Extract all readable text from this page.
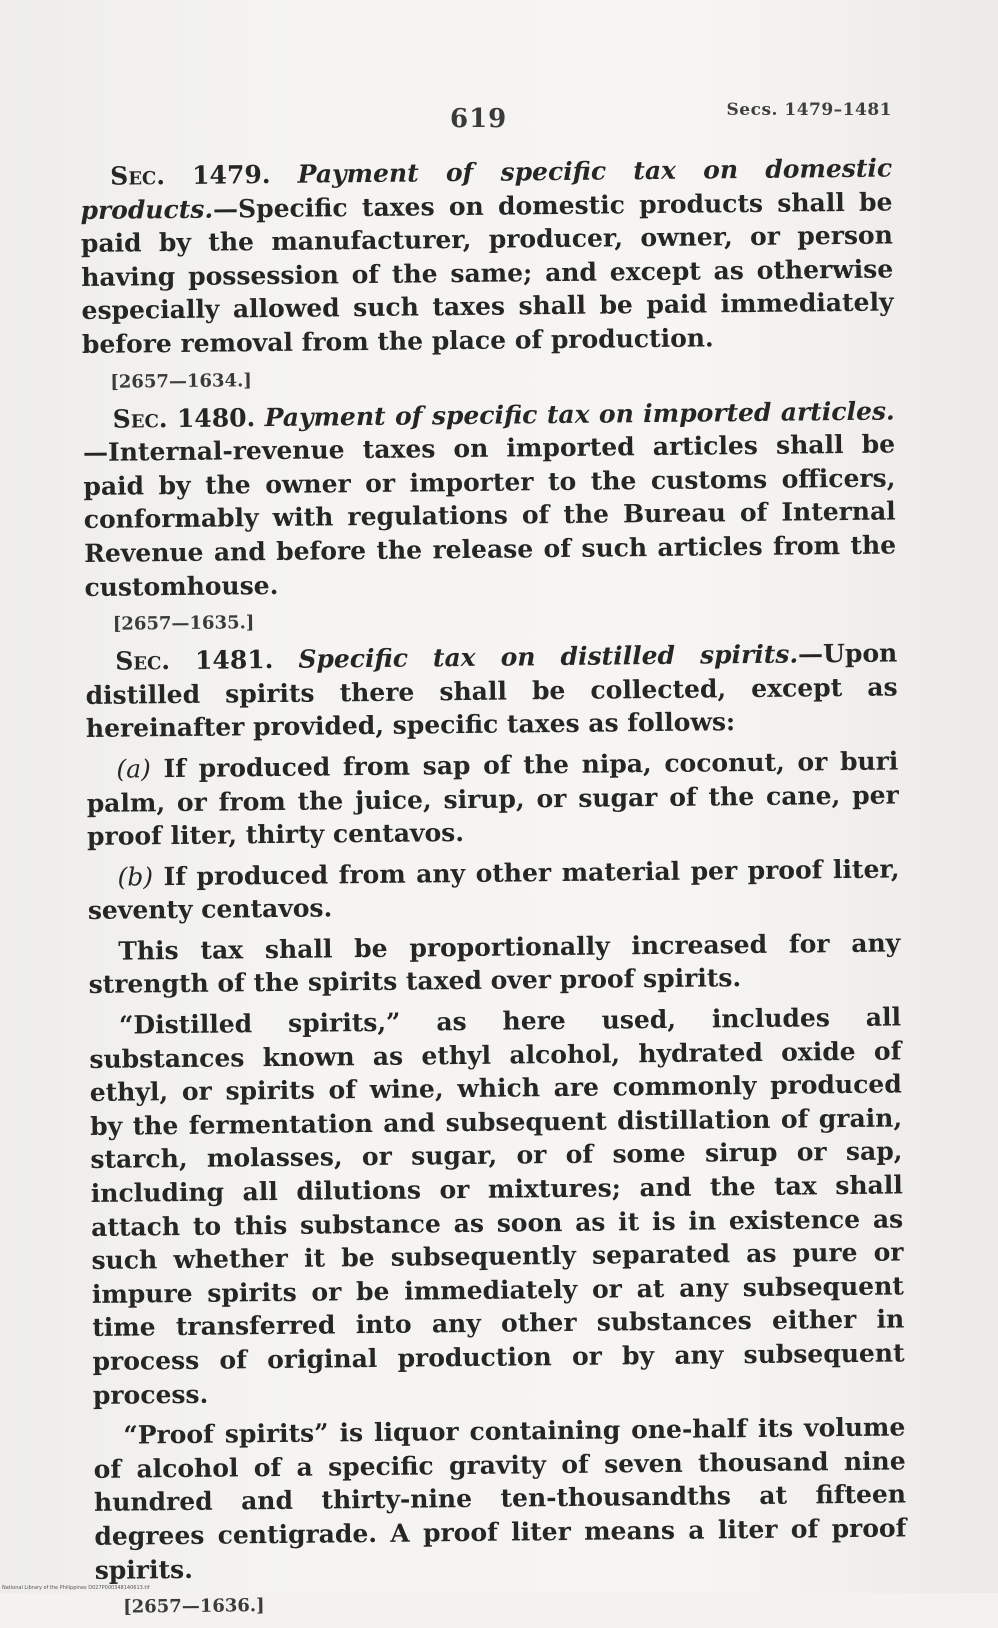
619	Secs. 1479–1481

Sec. 1479. Payment of specific tax on domestic products.—Specific taxes on domestic products shall be paid by the manufacturer, producer, owner, or person having possession of the same; and except as otherwise especially allowed such taxes shall be paid immediately before removal from the place of production.

[2657—1634.]

Sec. 1480. Payment of specific tax on imported articles.—Internal-revenue taxes on imported articles shall be paid by the owner or importer to the customs officers, conformably with regulations of the Bureau of Internal Revenue and before the release of such articles from the customhouse.

[2657—1635.]

Sec. 1481. Specific tax on distilled spirits.—Upon distilled spirits there shall be collected, except as hereinafter provided, specific taxes as follows:

(a) If produced from sap of the nipa, coconut, or buri palm, or from the juice, sirup, or sugar of the cane, per proof liter, thirty centavos.

(b) If produced from any other material per proof liter, seventy centavos.

This tax shall be proportionally increased for any strength of the spirits taxed over proof spirits.

“Distilled spirits,” as here used, includes all substances known as ethyl alcohol, hydrated oxide of ethyl, or spirits of wine, which are commonly produced by the fermentation and subsequent distillation of grain, starch, molasses, or sugar, or of some sirup or sap, including all dilutions or mixtures; and the tax shall attach to this substance as soon as it is in existence as such whether it be subsequently separated as pure or impure spirits or be immediately or at any subsequent time transferred into any other substances either in process of original production or by any subsequent process.

“Proof spirits” is liquor containing one-half its volume of alcohol of a specific gravity of seven thousand nine hundred and thirty-nine ten-thousandths at fifteen degrees centigrade. A proof liter means a liter of proof spirits.

[2657—1636.]
National Library of the Philippines D027P000348140613.tif
